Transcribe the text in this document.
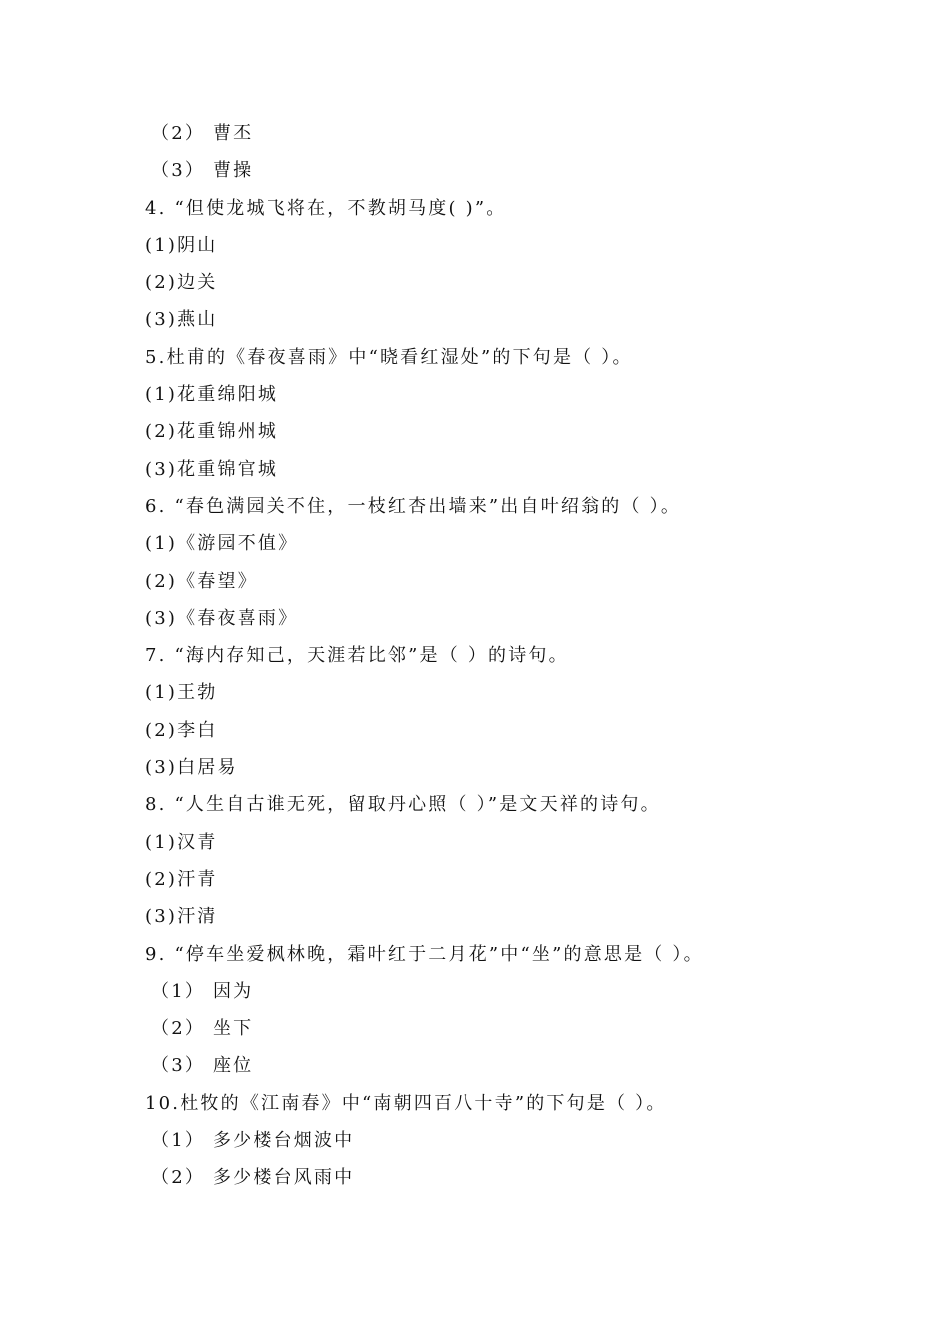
（2） 曹丕
（3） 曹操
4. “但使龙城飞将在，不教胡马度( )”。
(1)阴山
(2)边关
(3)燕山
5.杜甫的《春夜喜雨》中“晓看红湿处”的下句是（ ）。
(1)花重绵阳城
(2)花重锦州城
(3)花重锦官城
6. “春色满园关不住，一枝红杏出墙来”出自叶绍翁的（ ）。
(1)《游园不值》
(2)《春望》
(3)《春夜喜雨》
7. “海内存知己，天涯若比邻”是（ ）的诗句。
(1)王勃
(2)李白
(3)白居易
8. “人生自古谁无死，留取丹心照（ ）”是文天祥的诗句。
(1)汉青
(2)汗青
(3)汗清
9. “停车坐爱枫林晚，霜叶红于二月花”中“坐”的意思是（ ）。
（1） 因为
（2） 坐下
（3） 座位
10.杜牧的《江南春》中“南朝四百八十寺”的下句是（ ）。
（1） 多少楼台烟波中
（2） 多少楼台风雨中
